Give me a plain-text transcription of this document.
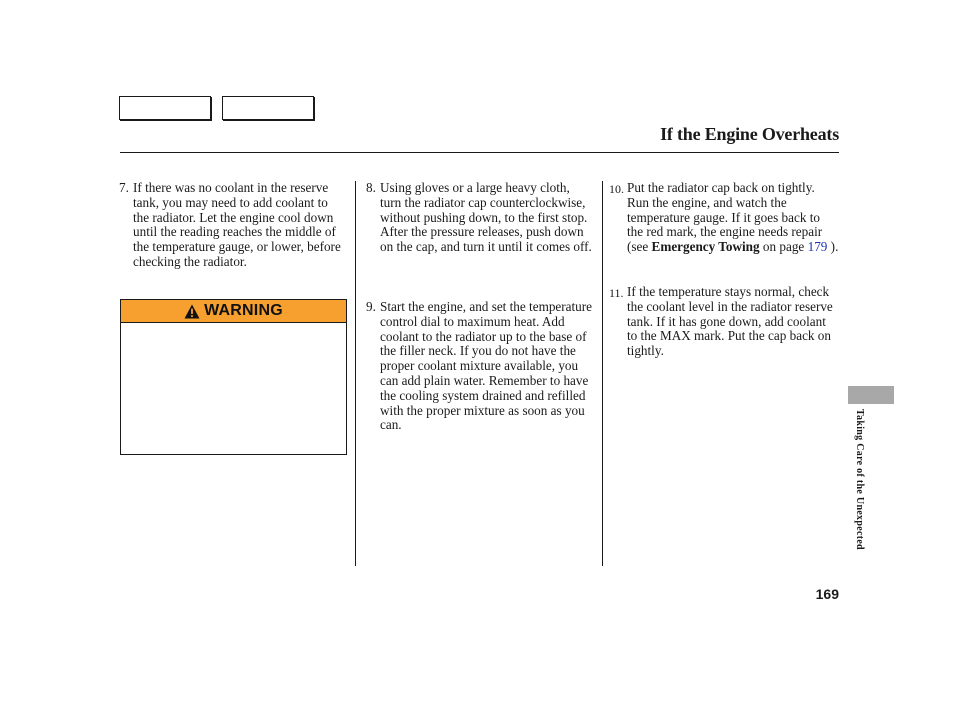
If the Engine Overheats
7. If there was no coolant in the reserve tank, you may need to add coolant to the radiator. Let the engine cool down until the reading reaches the middle of the temperature gauge, or lower, before checking the radiator.
WARNING
8. Using gloves or a large heavy cloth, turn the radiator cap counterclockwise, without pushing down, to the first stop. After the pressure releases, push down on the cap, and turn it until it comes off.
9. Start the engine, and set the temperature control dial to maximum heat. Add coolant to the radiator up to the base of the filler neck. If you do not have the proper coolant mixture available, you can add plain water. Remember to have the cooling system drained and refilled with the proper mixture as soon as you can.
10. Put the radiator cap back on tightly. Run the engine, and watch the temperature gauge. If it goes back to the red mark, the engine needs repair (see Emergency Towing on page 179 ).
11. If the temperature stays normal, check the coolant level in the radiator reserve tank. If it has gone down, add coolant to the MAX mark. Put the cap back on tightly.
Taking Care of the Unexpected
169
